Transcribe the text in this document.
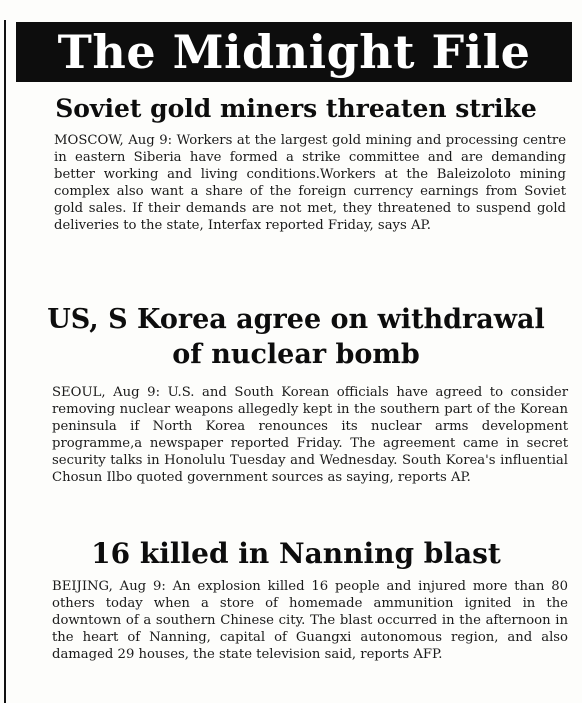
The Midnight File
Soviet gold miners threaten strike

MOSCOW, Aug 9: Workers at the largest gold mining and processing centre in eastern Siberia have formed a strike committee and are demanding better working and living conditions.Workers at the Baleizoloto mining complex also want a share of the foreign currency earnings from Soviet gold sales. If their demands are not met, they threatened to suspend gold deliveries to the state, Interfax reported Friday, says AP.

US, S Korea agree on withdrawal
of nuclear bomb

SEOUL, Aug 9: U.S. and South Korean officials have agreed to consider removing nuclear weapons allegedly kept in the southern part of the Korean peninsula if North Korea renounces its nuclear arms development programme,a newspaper reported Friday. The agreement came in secret security talks in Honolulu Tuesday and Wednesday. South Korea's influential Chosun Ilbo quoted government sources as saying, reports AP.

16 killed in Nanning blast

BEIJING, Aug 9: An explosion killed 16 people and injured more than 80 others today when a store of homemade ammunition ignited in the downtown of a southern Chinese city. The blast occurred in the afternoon in the heart of Nanning, capital of Guangxi autonomous region, and also damaged 29 houses, the state television said, reports AFP.
